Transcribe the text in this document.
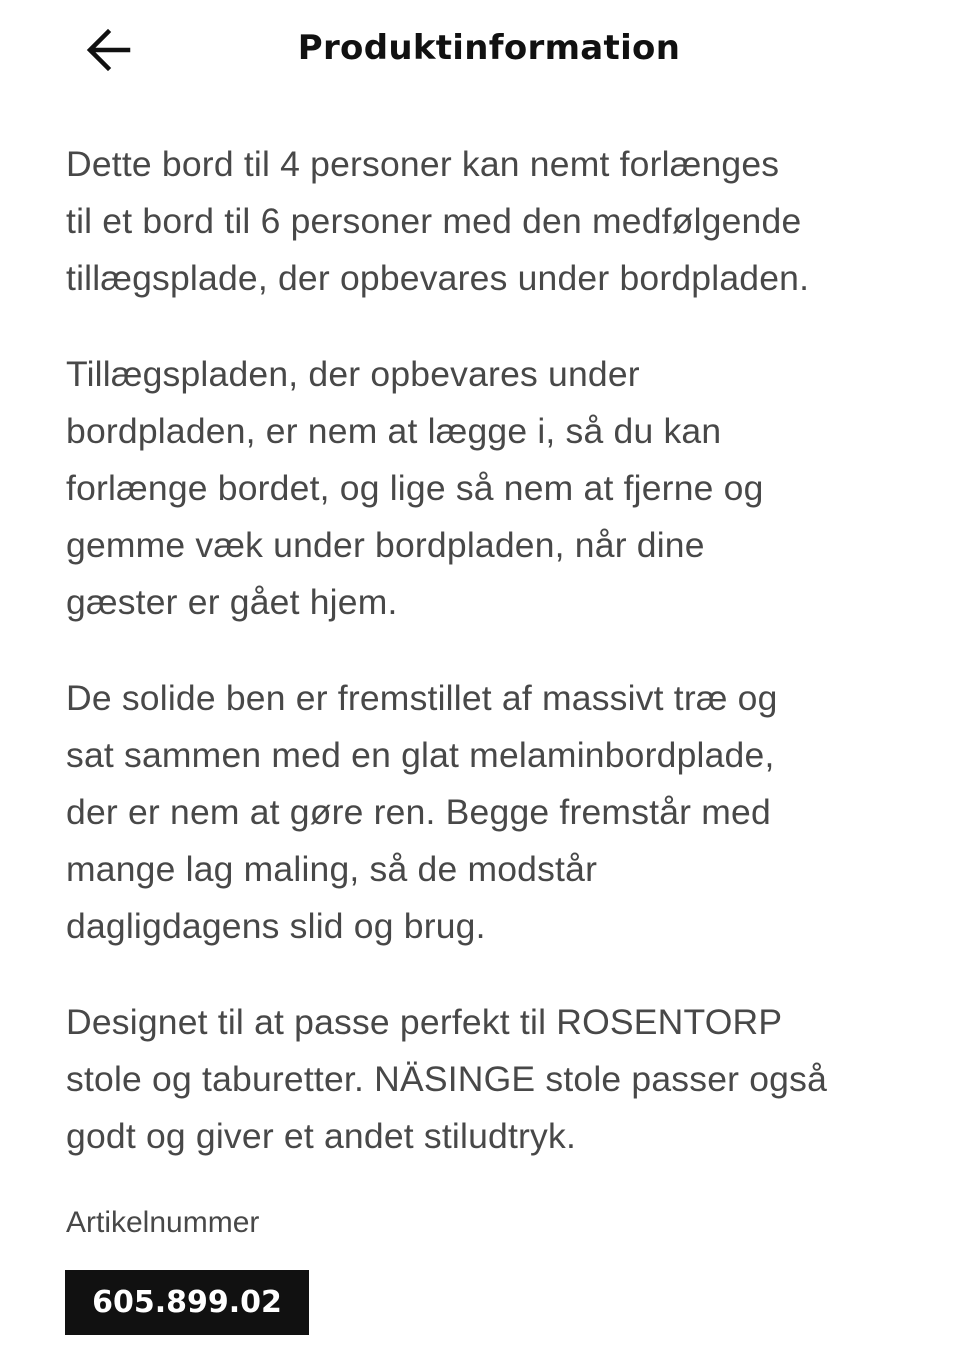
Produktinformation

Dette bord til 4 personer kan nemt forlænges
til et bord til 6 personer med den medfølgende
tillægsplade, der opbevares under bordpladen.

Tillægspladen, der opbevares under
bordpladen, er nem at lægge i, så du kan
forlænge bordet, og lige så nem at fjerne og
gemme væk under bordpladen, når dine
gæster er gået hjem.

De solide ben er fremstillet af massivt træ og
sat sammen med en glat melaminbordplade,
der er nem at gøre ren. Begge fremstår med
mange lag maling, så de modstår
dagligdagens slid og brug.

Designet til at passe perfekt til ROSENTORP
stole og taburetter. NÄSINGE stole passer også
godt og giver et andet stiludtryk.

Artikelnummer
605.899.02
